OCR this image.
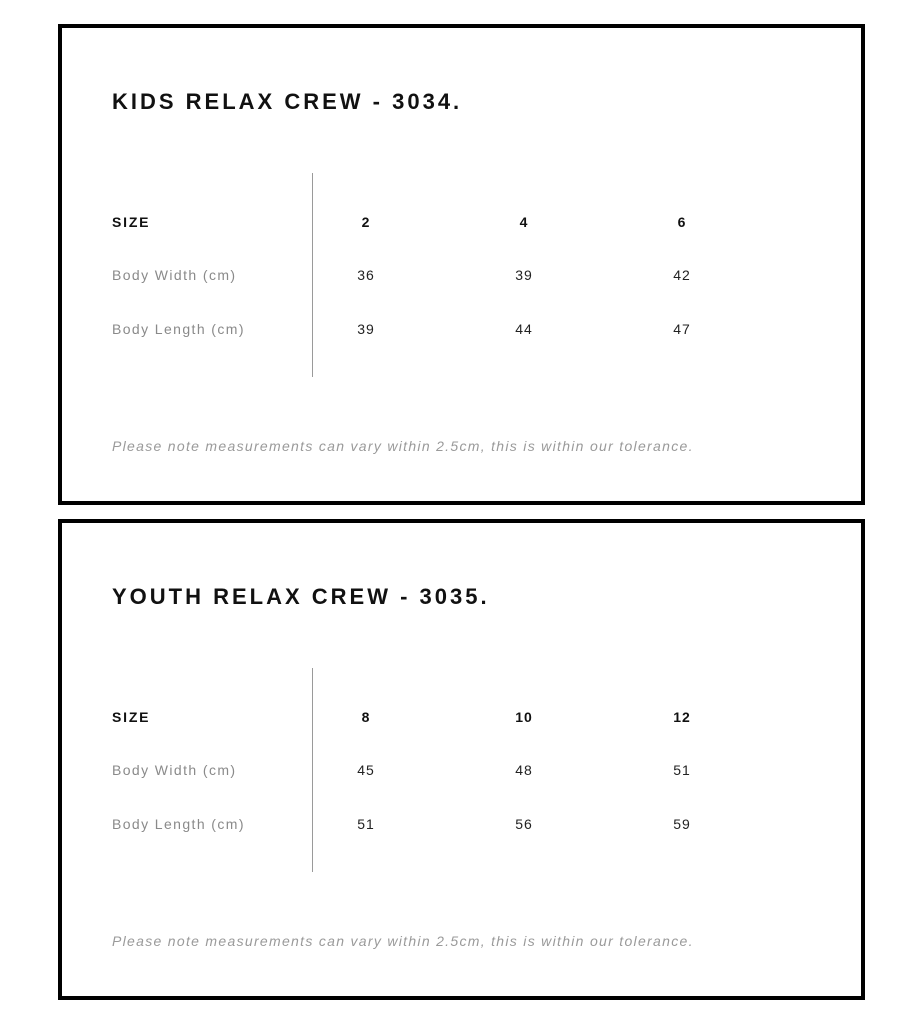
KIDS RELAX CREW - 3034.
SIZE	2	4	6
Body Width (cm)	36	39	42
Body Length (cm)	39	44	47

Please note measurements can vary within 2.5cm, this is within our tolerance.

YOUTH RELAX CREW - 3035.
SIZE	8	10	12
Body Width (cm)	45	48	51
Body Length (cm)	51	56	59

Please note measurements can vary within 2.5cm, this is within our tolerance.
